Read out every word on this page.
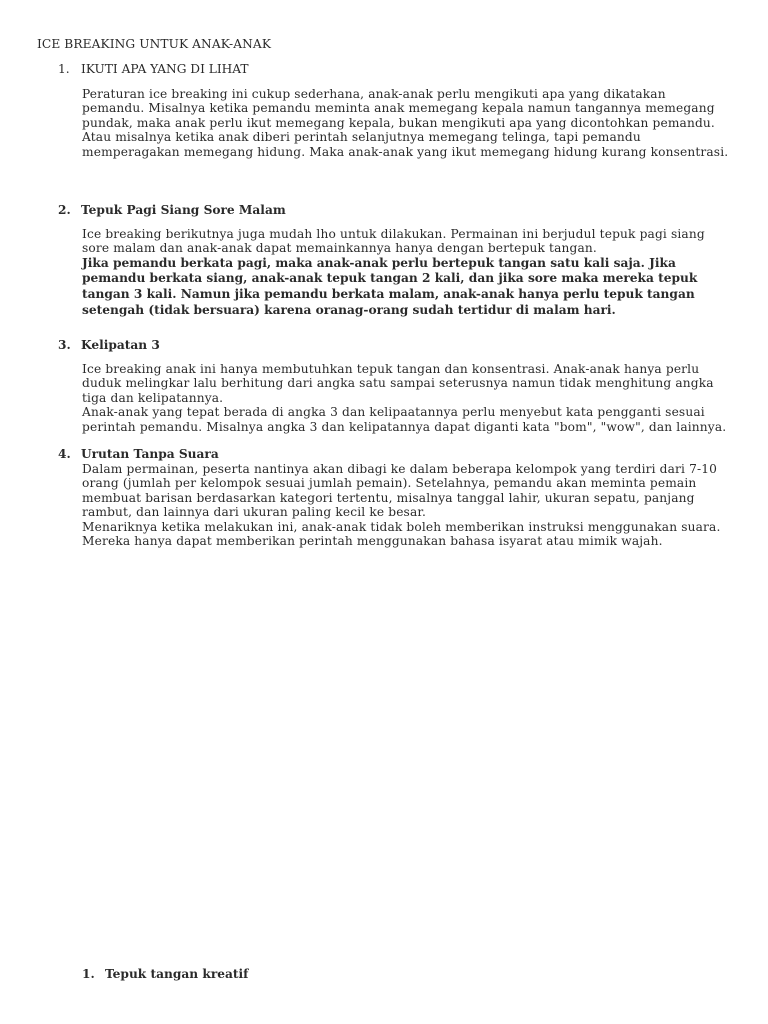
ICE BREAKING UNTUK ANAK-ANAK
1. IKUTI APA YANG DI LIHAT

Peraturan ice breaking ini cukup sederhana, anak-anak perlu mengikuti apa yang dikatakan pemandu. Misalnya ketika pemandu meminta anak memegang kepala namun tangannya memegang pundak, maka anak perlu ikut memegang kepala, bukan mengikuti apa yang dicontohkan pemandu.

Atau misalnya ketika anak diberi perintah selanjutnya memegang telinga, tapi pemandu memperagakan memegang hidung. Maka anak-anak yang ikut memegang hidung kurang konsentrasi.

2. Tepuk Pagi Siang Sore Malam

Ice breaking berikutnya juga mudah lho untuk dilakukan. Permainan ini berjudul tepuk pagi siang sore malam dan anak-anak dapat memainkannya hanya dengan bertepuk tangan.

Jika pemandu berkata pagi, maka anak-anak perlu bertepuk tangan satu kali saja. Jika pemandu berkata siang, anak-anak tepuk tangan 2 kali, dan jika sore maka mereka tepuk tangan 3 kali. Namun jika pemandu berkata malam, anak-anak hanya perlu tepuk tangan setengah (tidak bersuara) karena oranag-orang sudah tertidur di malam hari.

3. Kelipatan 3

Ice breaking anak ini hanya membutuhkan tepuk tangan dan konsentrasi. Anak-anak hanya perlu duduk melingkar lalu berhitung dari angka satu sampai seterusnya namun tidak menghitung angka tiga dan kelipatannya.

Anak-anak yang tepat berada di angka 3 dan kelipaatannya perlu menyebut kata pengganti sesuai perintah pemandu. Misalnya angka 3 dan kelipatannya dapat diganti kata "bom", "wow", dan lainnya.

4. Urutan Tanpa Suara

Dalam permainan, peserta nantinya akan dibagi ke dalam beberapa kelompok yang terdiri dari 7-10 orang (jumlah per kelompok sesuai jumlah pemain). Setelahnya, pemandu akan meminta pemain membuat barisan berdasarkan kategori tertentu, misalnya tanggal lahir, ukuran sepatu, panjang rambut, dan lainnya dari ukuran paling kecil ke besar.

Menariknya ketika melakukan ini, anak-anak tidak boleh memberikan instruksi menggunakan suara. Mereka hanya dapat memberikan perintah menggunakan bahasa isyarat atau mimik wajah.

1. Tepuk tangan kreatif
